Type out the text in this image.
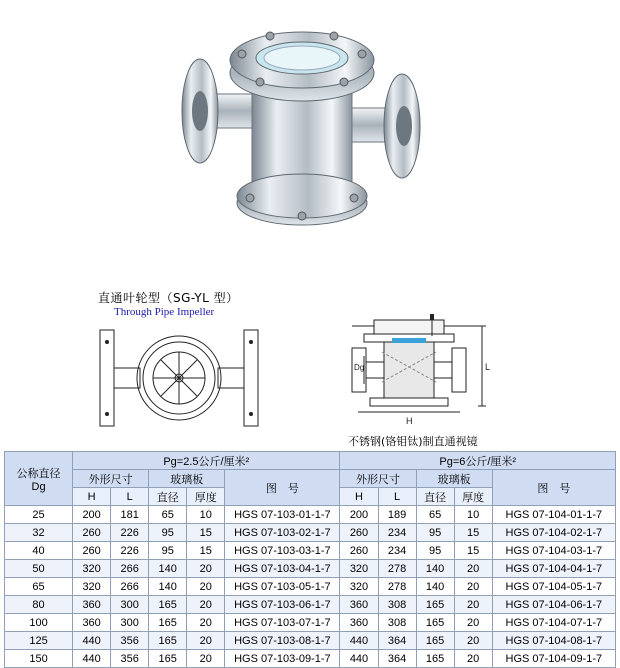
直通叶轮型（SG-YL 型）
Through Pipe Impeller
Dg
H
L
不锈钢(铬钼钛)制直通视镜
公称直径
Dg	Pg=2.5公斤/厘米²					Pg=6公斤/厘米²				
	外形尺寸		玻璃板		图　号	外形尺寸		玻璃板		图　号
	H	L	直径	厚度		H	L	直径	厚度	
25	200	181	65	10	HGS 07-103-01-1-7	200	189	65	10	HGS 07-104-01-1-7
32	260	226	95	15	HGS 07-103-02-1-7	260	234	95	15	HGS 07-104-02-1-7
40	260	226	95	15	HGS 07-103-03-1-7	260	234	95	15	HGS 07-104-03-1-7
50	320	266	140	20	HGS 07-103-04-1-7	320	278	140	20	HGS 07-104-04-1-7
65	320	266	140	20	HGS 07-103-05-1-7	320	278	140	20	HGS 07-104-05-1-7
80	360	300	165	20	HGS 07-103-06-1-7	360	308	165	20	HGS 07-104-06-1-7
100	360	300	165	20	HGS 07-103-07-1-7	360	308	165	20	HGS 07-104-07-1-7
125	440	356	165	20	HGS 07-103-08-1-7	440	364	165	20	HGS 07-104-08-1-7
150	440	356	165	20	HGS 07-103-09-1-7	440	364	165	20	HGS 07-104-09-1-7
